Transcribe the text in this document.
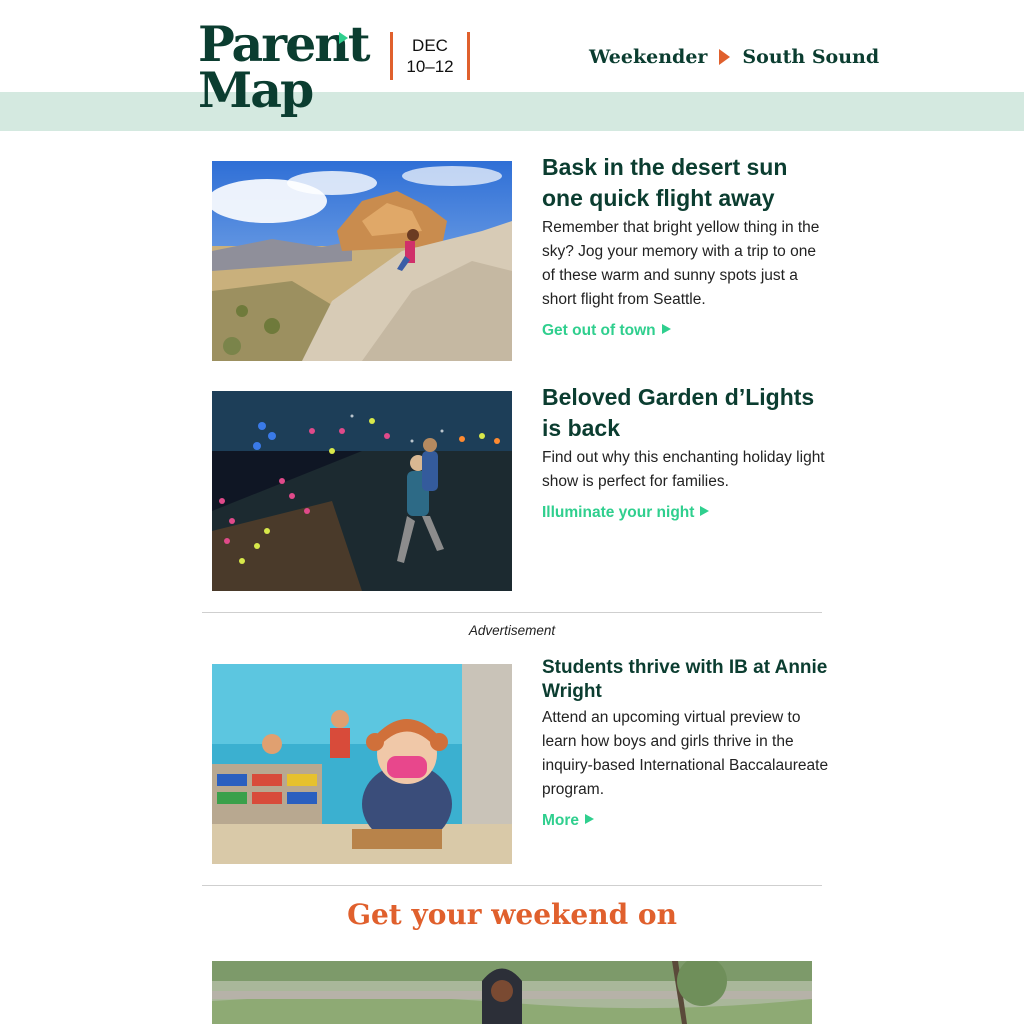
Parent
Map
DEC
10–12	Weekender South Sound
Bask in the desert sun one quick flight away

Remember that bright yellow thing in the sky? Jog your memory with a trip to one of these warm and sunny spots just a short flight from Seattle.

Get out of town
Beloved Garden d’Lights is back

Find out why this enchanting holiday light show is perfect for families.

Illuminate your night
Advertisement
Students thrive with IB at Annie Wright

Attend an upcoming virtual preview to learn how boys and girls thrive in the inquiry-based International Baccalaureate program.

More
Get your weekend on
